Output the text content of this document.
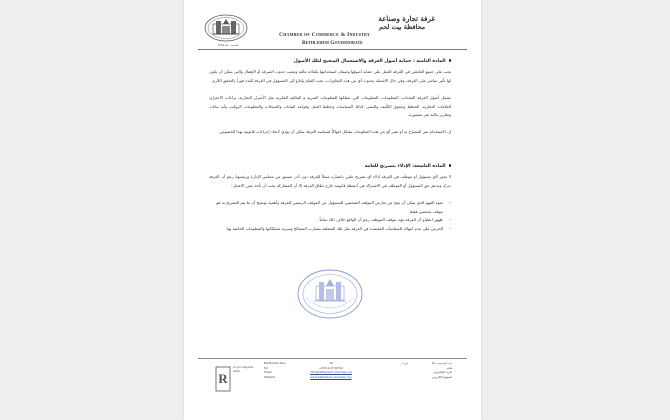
تأسست عام 1952
غرفة تجارة وصناعة
محافظة بيت لحم
Chamber of Commerce & Industry
Bethlehem Governorate
المادة الثامنة : حماية أصول الغرفة والاستعمال الصحيح لتلك الأصول
يجب على جميع العاملين في الغرفة العمل على حماية أصولها وضمان استخدامها بكفاءة عالية وتجنب حدوث السرقة أو الإهمال والتي يمكن أن يكون لها تأثير مباشر على الغرفة، وفي حال الاشتباه بحدوث أي من هذه التجاوزات، يجب القيام بإبلاغ إلى المسؤول في الغرفة للبدء فوراً بالتحقق اللازم.
تشمل أصول الغرفة المعدات، المعلومات، المعلومات التي تمتلكها المعلومات السرية و الملكية الفكرية مثل الأسرار التجارية، براءات الاختراع، العلامات التجارية، الخطط وحقوق التأليف والنشر، كذلك السياسات وخطط العمل وقواعد البيانات والسجلات والمعلومات الرواتب وأية بيانات وتقارير مالية غير منشورة.
إن الاستخدام غير المصرّح به أو نشر أي من هذه المعلومات يشكل انتهاكاً لسياسة الغرفة يمكن أن يؤدي لاتخاذ إجراءات قانونية بهذا الخصوص.
المادة التاسعة: الإدلاء بتصريح للعامة
لا يجوز لأي مسؤول أو موظف في الغرفة إدلاء أي تصريح علني باعتباره ممثلاً للغرفة دون أذن مسبق من مجلس الإدارة ورئيسها، رغم أن الغرفة تدرك وتدعم حق المسؤول أو الموظف في الاشتراك في أنشطة قانونية خارج نطاق الغرفة إلا أن المشاركة يجب أن تأخذ بعين الاعتبار :
– سوء الفهم الذي يمكن أن ينتج عن تعارض الموقف الشخصي للمسؤول عن الموقف الرسمي للغرفة وأهمية توضيح أن ما يتم التصريح به هو موقف شخصي فقط.
– ظهور انطباع أن الغرفة تؤيد موقف الموظف رغم أن الواقع خلاف ذلك تماماً .
– الحرص على عدم انتهاك للسياسات المعتمدة في الغرفة مثل تلك المتعلقة بتضارب المصالح وسرية مسلكاتها والمعلومات الخاصة بها.
R
Lloyd's Register
LRQA
Bethlehem-Beu
Tel
Email
Website
30
+970-2-2742742
info@bethlehem-chamber.org
www.bethlehem-chamber.org
ص.ب

	بيت لحم-بيت جالا
هاتف
البريد الإلكتروني
الموقع الإلكتروني
